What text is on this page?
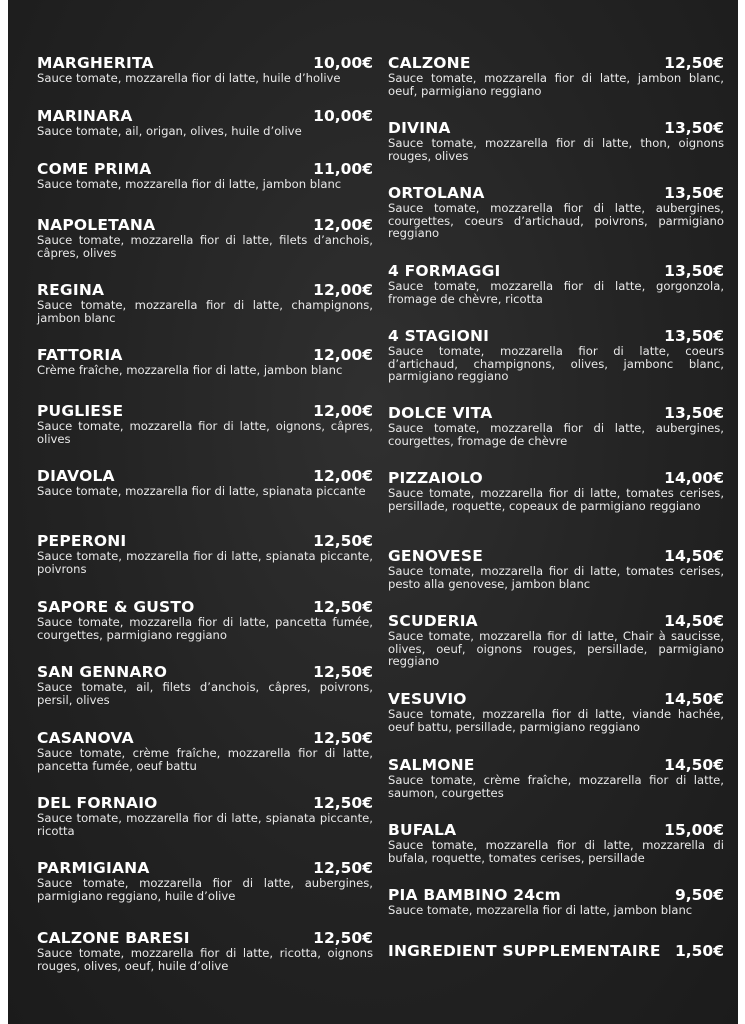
MARGHERITA	10,00€
Sauce tomate, mozzarella fior di latte, huile d’holive
MARINARA	10,00€
Sauce tomate, ail, origan, olives, huile d’olive
COME PRIMA	11,00€
Sauce tomate, mozzarella fior di latte, jambon blanc
NAPOLETANA	12,00€
Sauce tomate, mozzarella fior di latte, filets d’anchois, câpres, olives
REGINA	12,00€
Sauce tomate, mozzarella fior di latte, champignons, jambon blanc
FATTORIA	12,00€
Crème fraîche, mozzarella fior di latte, jambon blanc
PUGLIESE	12,00€
Sauce tomate, mozzarella fior di latte, oignons, câpres, olives
DIAVOLA	12,00€
Sauce tomate, mozzarella fior di latte, spianata piccante
PEPERONI	12,50€
Sauce tomate, mozzarella fior di latte, spianata piccante, poivrons
SAPORE & GUSTO	12,50€
Sauce tomate, mozzarella fior di latte, pancetta fumée, courgettes, parmigiano reggiano
SAN GENNARO	12,50€
Sauce tomate, ail, filets d’anchois, câpres, poivrons, persil, olives
CASANOVA	12,50€
Sauce tomate, crème fraîche, mozzarella fior di latte, pancetta fumée, oeuf battu
DEL FORNAIO	12,50€
Sauce tomate, mozzarella fior di latte, spianata piccante, ricotta
PARMIGIANA	12,50€
Sauce tomate, mozzarella fior di latte, aubergines, parmigiano reggiano, huile d’olive
CALZONE BARESI	12,50€
Sauce tomate, mozzarella fior di latte, ricotta, oignons rouges, olives, oeuf, huile d’olive
CALZONE	12,50€
Sauce tomate, mozzarella fior di latte, jambon blanc, oeuf, parmigiano reggiano
DIVINA	13,50€
Sauce tomate, mozzarella fior di latte, thon, oignons rouges, olives
ORTOLANA	13,50€
Sauce tomate, mozzarella fior di latte, aubergines, courgettes, coeurs d’artichaud, poivrons, parmigiano reggiano
4 FORMAGGI	13,50€
Sauce tomate, mozzarella fior di latte, gorgonzola, fromage de chèvre, ricotta
4 STAGIONI	13,50€
Sauce tomate, mozzarella fior di latte, coeurs d’artichaud, champignons, olives, jambonc blanc, parmigiano reggiano
DOLCE VITA	13,50€
Sauce tomate, mozzarella fior di latte, aubergines, courgettes, fromage de chèvre
PIZZAIOLO	14,00€
Sauce tomate, mozzarella fior di latte, tomates cerises, persillade, roquette, copeaux de parmigiano reggiano
GENOVESE	14,50€
Sauce tomate, mozzarella fior di latte, tomates cerises, pesto alla genovese, jambon blanc
SCUDERIA	14,50€
Sauce tomate, mozzarella fior di latte, Chair à saucisse, olives, oeuf, oignons rouges, persillade, parmigiano reggiano
VESUVIO	14,50€
Sauce tomate, mozzarella fior di latte, viande hachée, oeuf battu, persillade, parmigiano reggiano
SALMONE	14,50€
Sauce tomate, crème fraîche, mozzarella fior di latte, saumon, courgettes
BUFALA	15,00€
Sauce tomate, mozzarella fior di latte, mozzarella di bufala, roquette, tomates cerises, persillade
PIA BAMBINO 24cm	9,50€
Sauce tomate, mozzarella fior di latte, jambon blanc
INGREDIENT SUPPLEMENTAIRE 1,50€
